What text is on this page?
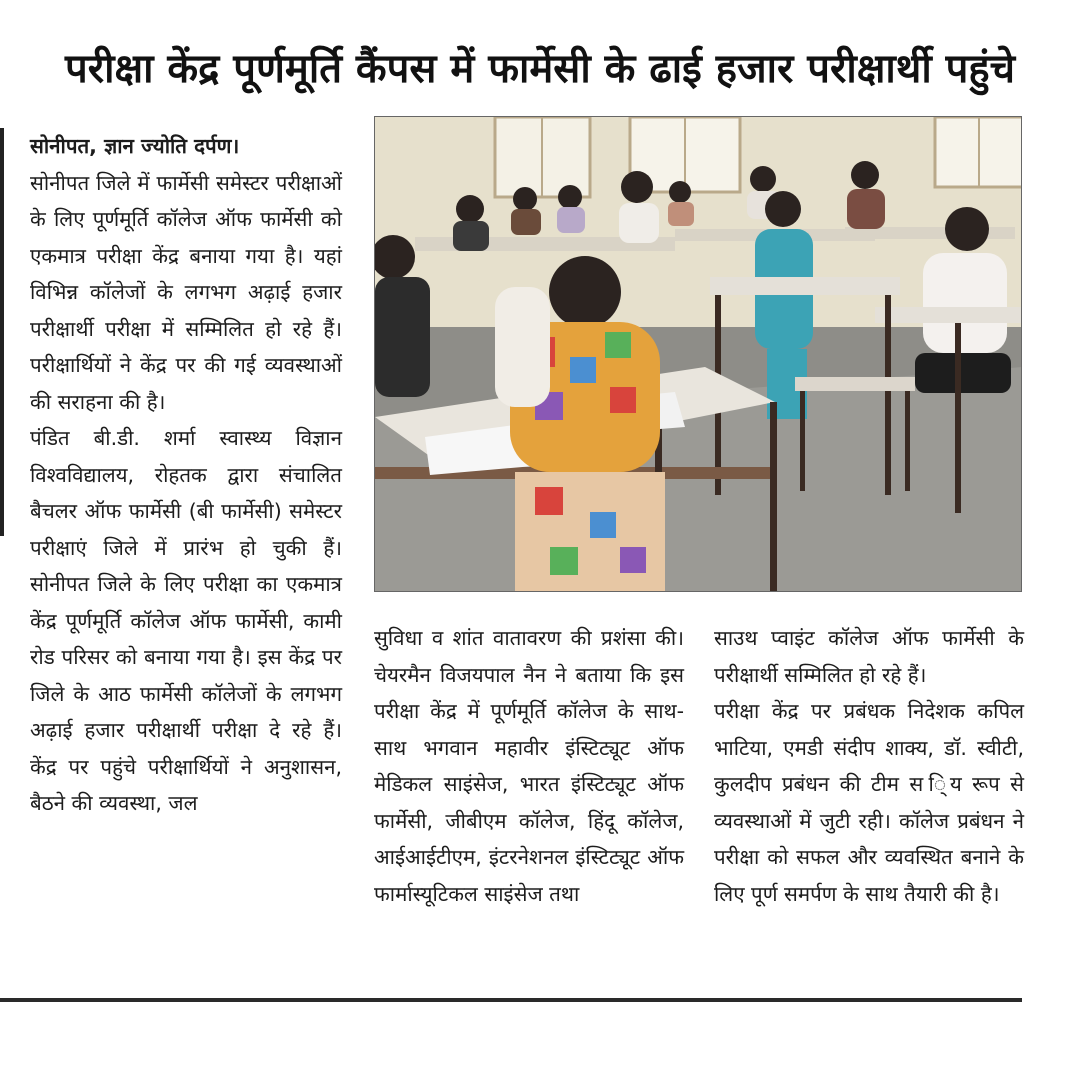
परीक्षा केंद्र पूर्णमूर्ति कैंपस में फार्मेसी के ढाई हजार परीक्षार्थी पहुंचे

सोनीपत, ज्ञान ज्योति दर्पण।

सोनीपत जिले में फार्मेसी समेस्टर परीक्षाओं के लिए पूर्णमूर्ति कॉलेज ऑफ फार्मेसी को एकमात्र परीक्षा केंद्र बनाया गया है। यहां विभिन्न कॉलेजों के लगभग अढ़ाई हजार परीक्षार्थी परीक्षा में सम्मिलित हो रहे हैं। परीक्षार्थियों ने केंद्र पर की गई व्यवस्थाओं की सराहना की है।

पंडित बी.डी. शर्मा स्वास्थ्य विज्ञान विश्वविद्यालय, रोहतक द्वारा संचालित बैचलर ऑफ फार्मेसी (बी फार्मेसी) समेस्टर परीक्षाएं जिले में प्रारंभ हो चुकी हैं। सोनीपत जिले के लिए परीक्षा का एकमात्र केंद्र पूर्णमूर्ति कॉलेज ऑफ फार्मेसी, कामी रोड परिसर को बनाया गया है। इस केंद्र पर जिले के आठ फार्मेसी कॉलेजों के लगभग अढ़ाई हजार परीक्षार्थी परीक्षा दे रहे हैं। केंद्र पर पहुंचे परीक्षार्थियों ने अनुशासन, बैठने की व्यवस्था, जल

सुविधा व शांत वातावरण की प्रशंसा की। चेयरमैन विजयपाल नैन ने बताया कि इस परीक्षा केंद्र में पूर्णमूर्ति कॉलेज के साथ-साथ भगवान महावीर इंस्टिट्यूट ऑफ मेडिकल साइंसेज, भारत इंस्टिट्यूट ऑफ फार्मेसी, जीबीएम कॉलेज, हिंदू कॉलेज, आईआईटीएम, इंटरनेशनल इंस्टिट्यूट ऑफ फार्मास्यूटिकल साइंसेज तथा

साउथ प्वाइंट कॉलेज ऑफ फार्मेसी के परीक्षार्थी सम्मिलित हो रहे हैं।

परीक्षा केंद्र पर प्रबंधक निदेशक कपिल भाटिया, एमडी संदीप शाक्य, डॉ. स्वीटी, कुलदीप प्रबंधन की टीम स ि्य रूप से व्यवस्थाओं में जुटी रही। कॉलेज प्रबंधन ने परीक्षा को सफल और व्यवस्थित बनाने के लिए पूर्ण समर्पण के साथ तैयारी की है।
